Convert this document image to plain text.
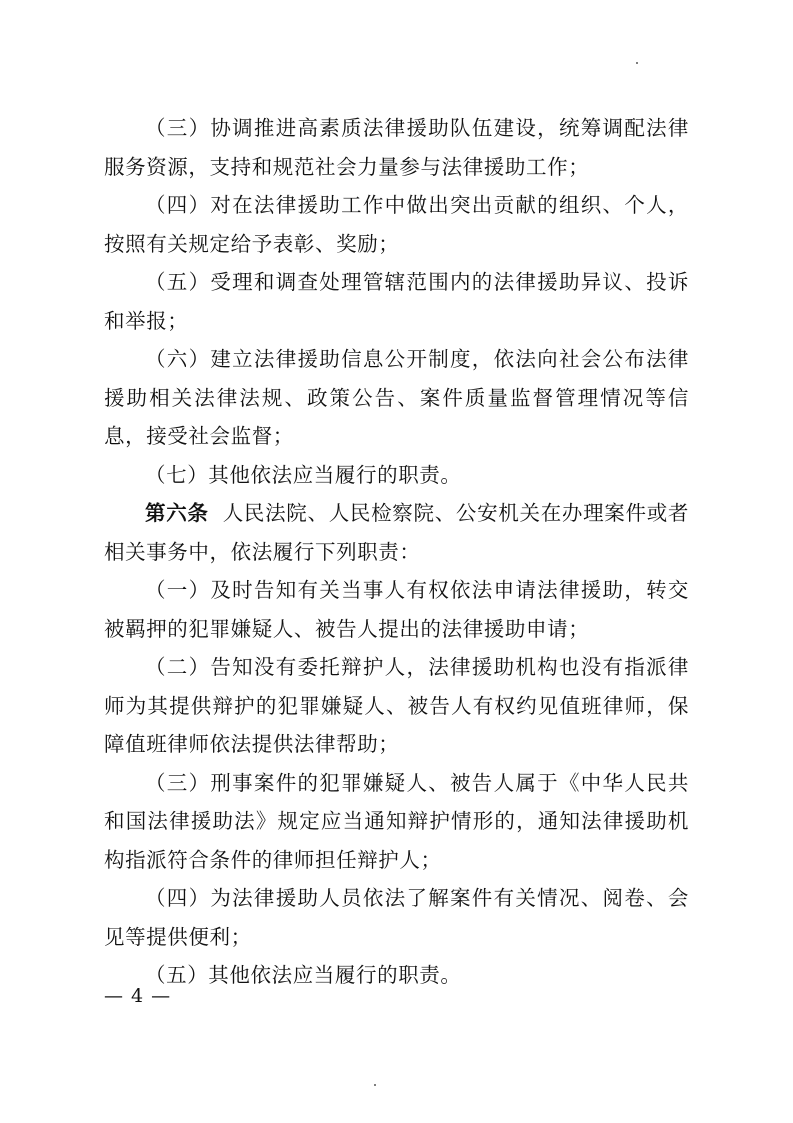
（三）协调推进高素质法律援助队伍建设，统筹调配法律服务资源，支持和规范社会力量参与法律援助工作；

（四）对在法律援助工作中做出突出贡献的组织、个人，按照有关规定给予表彰、奖励；

（五）受理和调查处理管辖范围内的法律援助异议、投诉和举报；

（六）建立法律援助信息公开制度，依法向社会公布法律援助相关法律法规、政策公告、案件质量监督管理情况等信息，接受社会监督；

（七）其他依法应当履行的职责。

第六条 人民法院、人民检察院、公安机关在办理案件或者相关事务中，依法履行下列职责：

（一）及时告知有关当事人有权依法申请法律援助，转交被羁押的犯罪嫌疑人、被告人提出的法律援助申请；

（二）告知没有委托辩护人，法律援助机构也没有指派律师为其提供辩护的犯罪嫌疑人、被告人有权约见值班律师，保障值班律师依法提供法律帮助；

（三）刑事案件的犯罪嫌疑人、被告人属于《中华人民共和国法律援助法》规定应当通知辩护情形的，通知法律援助机构指派符合条件的律师担任辩护人；

（四）为法律援助人员依法了解案件有关情况、阅卷、会见等提供便利；

（五）其他依法应当履行的职责。

— 4 —
